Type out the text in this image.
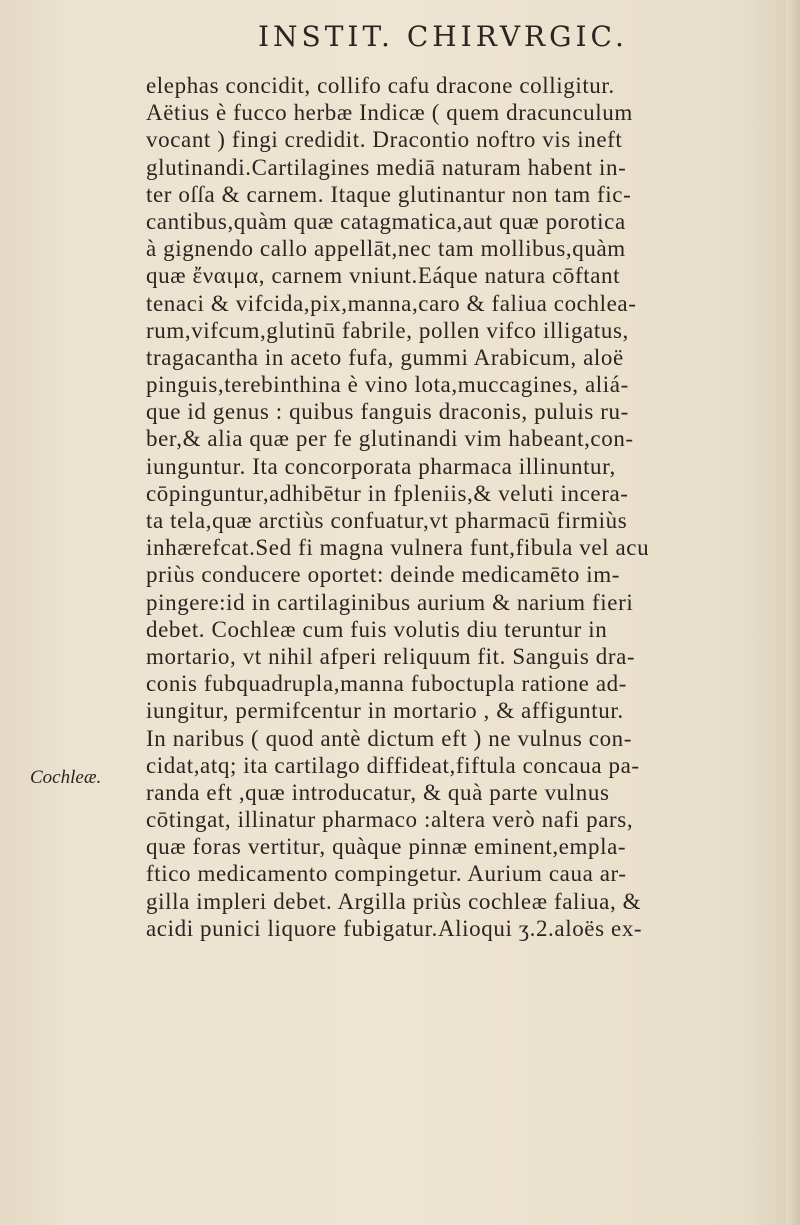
INSTIT. CHIRVRGIC.
Cochleæ.
elephas concidit, collifo cafu dracone colligitur.
Aëtius è fucco herbæ Indicæ ( quem dracunculum
vocant ) fingi credidit. Dracontio noftro vis ineft
glutinandi.Cartilagines mediā naturam habent in-
ter oſſa & carnem. Itaque glutinantur non tam fic-
cantibus,quàm quæ catagmatica,aut quæ porotica
à gignendo callo appellāt,nec tam mollibus,quàm
quæ ἔναιμα, carnem vniunt.Eáque natura cōftant
tenaci & vifcida,pix,manna,caro & faliua cochlea-
rum,vifcum,glutinū fabrile, pollen vifco illigatus,
tragacantha in aceto fufa, gummi Arabicum, aloë
pinguis,terebinthina è vino lota,muccagines, aliá-
que id genus : quibus fanguis draconis, puluis ru-
ber,& alia quæ per fe glutinandi vim habeant,con-
iunguntur. Ita concorporata pharmaca illinuntur,
cōpinguntur,adhibētur in fpleniis,& veluti incera-
ta tela,quæ arctiùs confuatur,vt pharmacū firmiùs
inhærefcat.Sed fi magna vulnera funt,fibula vel acu
priùs conducere oportet: deinde medicamēto im-
pingere:id in cartilaginibus aurium & narium fieri
debet. Cochleæ cum fuis volutis diu teruntur in
mortario, vt nihil afperi reliquum fit. Sanguis dra-
conis fubquadrupla,manna fuboctupla ratione ad-
iungitur, permifcentur in mortario , & affiguntur.
In naribus ( quod antè dictum eft ) ne vulnus con-
cidat,atq; ita cartilago diffideat,fiftula concaua pa-
randa eft ,quæ introducatur, & quà parte vulnus
cōtingat, illinatur pharmaco :altera verò nafi pars,
quæ foras vertitur, quàque pinnæ eminent,empla-
ftico medicamento compingetur. Aurium caua ar-
gilla impleri debet. Argilla priùs cochleæ faliua, &
acidi punici liquore fubigatur.Alioqui ʒ.2.aloës ex-
